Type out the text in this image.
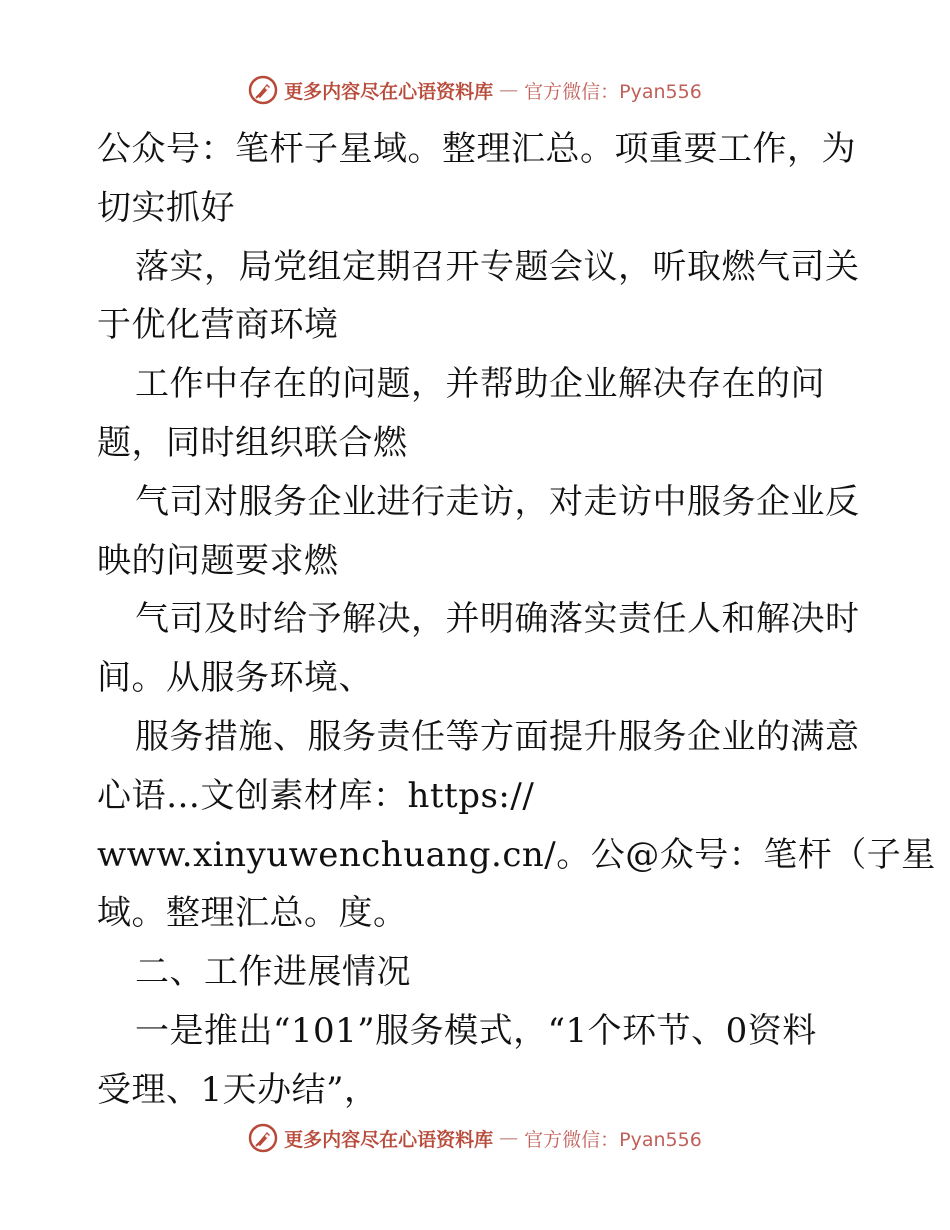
更多内容尽在心语资料库 — 官方微信：Pyan556
公众号：笔杆子星域。整理汇总。项重要工作，为
切实抓好
落实，局党组定期召开专题会议，听取燃气司关
于优化营商环境
工作中存在的问题，并帮助企业解决存在的问
题，同时组织联合燃
气司对服务企业进行走访，对走访中服务企业反
映的问题要求燃
气司及时给予解决，并明确落实责任人和解决时
间。从服务环境、
服务措施、服务责任等方面提升服务企业的满意
心语…文创素材库：https://
www.xinyuwenchuang.cn/。公@众号：笔杆（子星
域。整理汇总。度。
二、工作进展情况
一是推出“101”服务模式，“1个环节、0资料
受理、1天办结”，
更多内容尽在心语资料库 — 官方微信：Pyan556
